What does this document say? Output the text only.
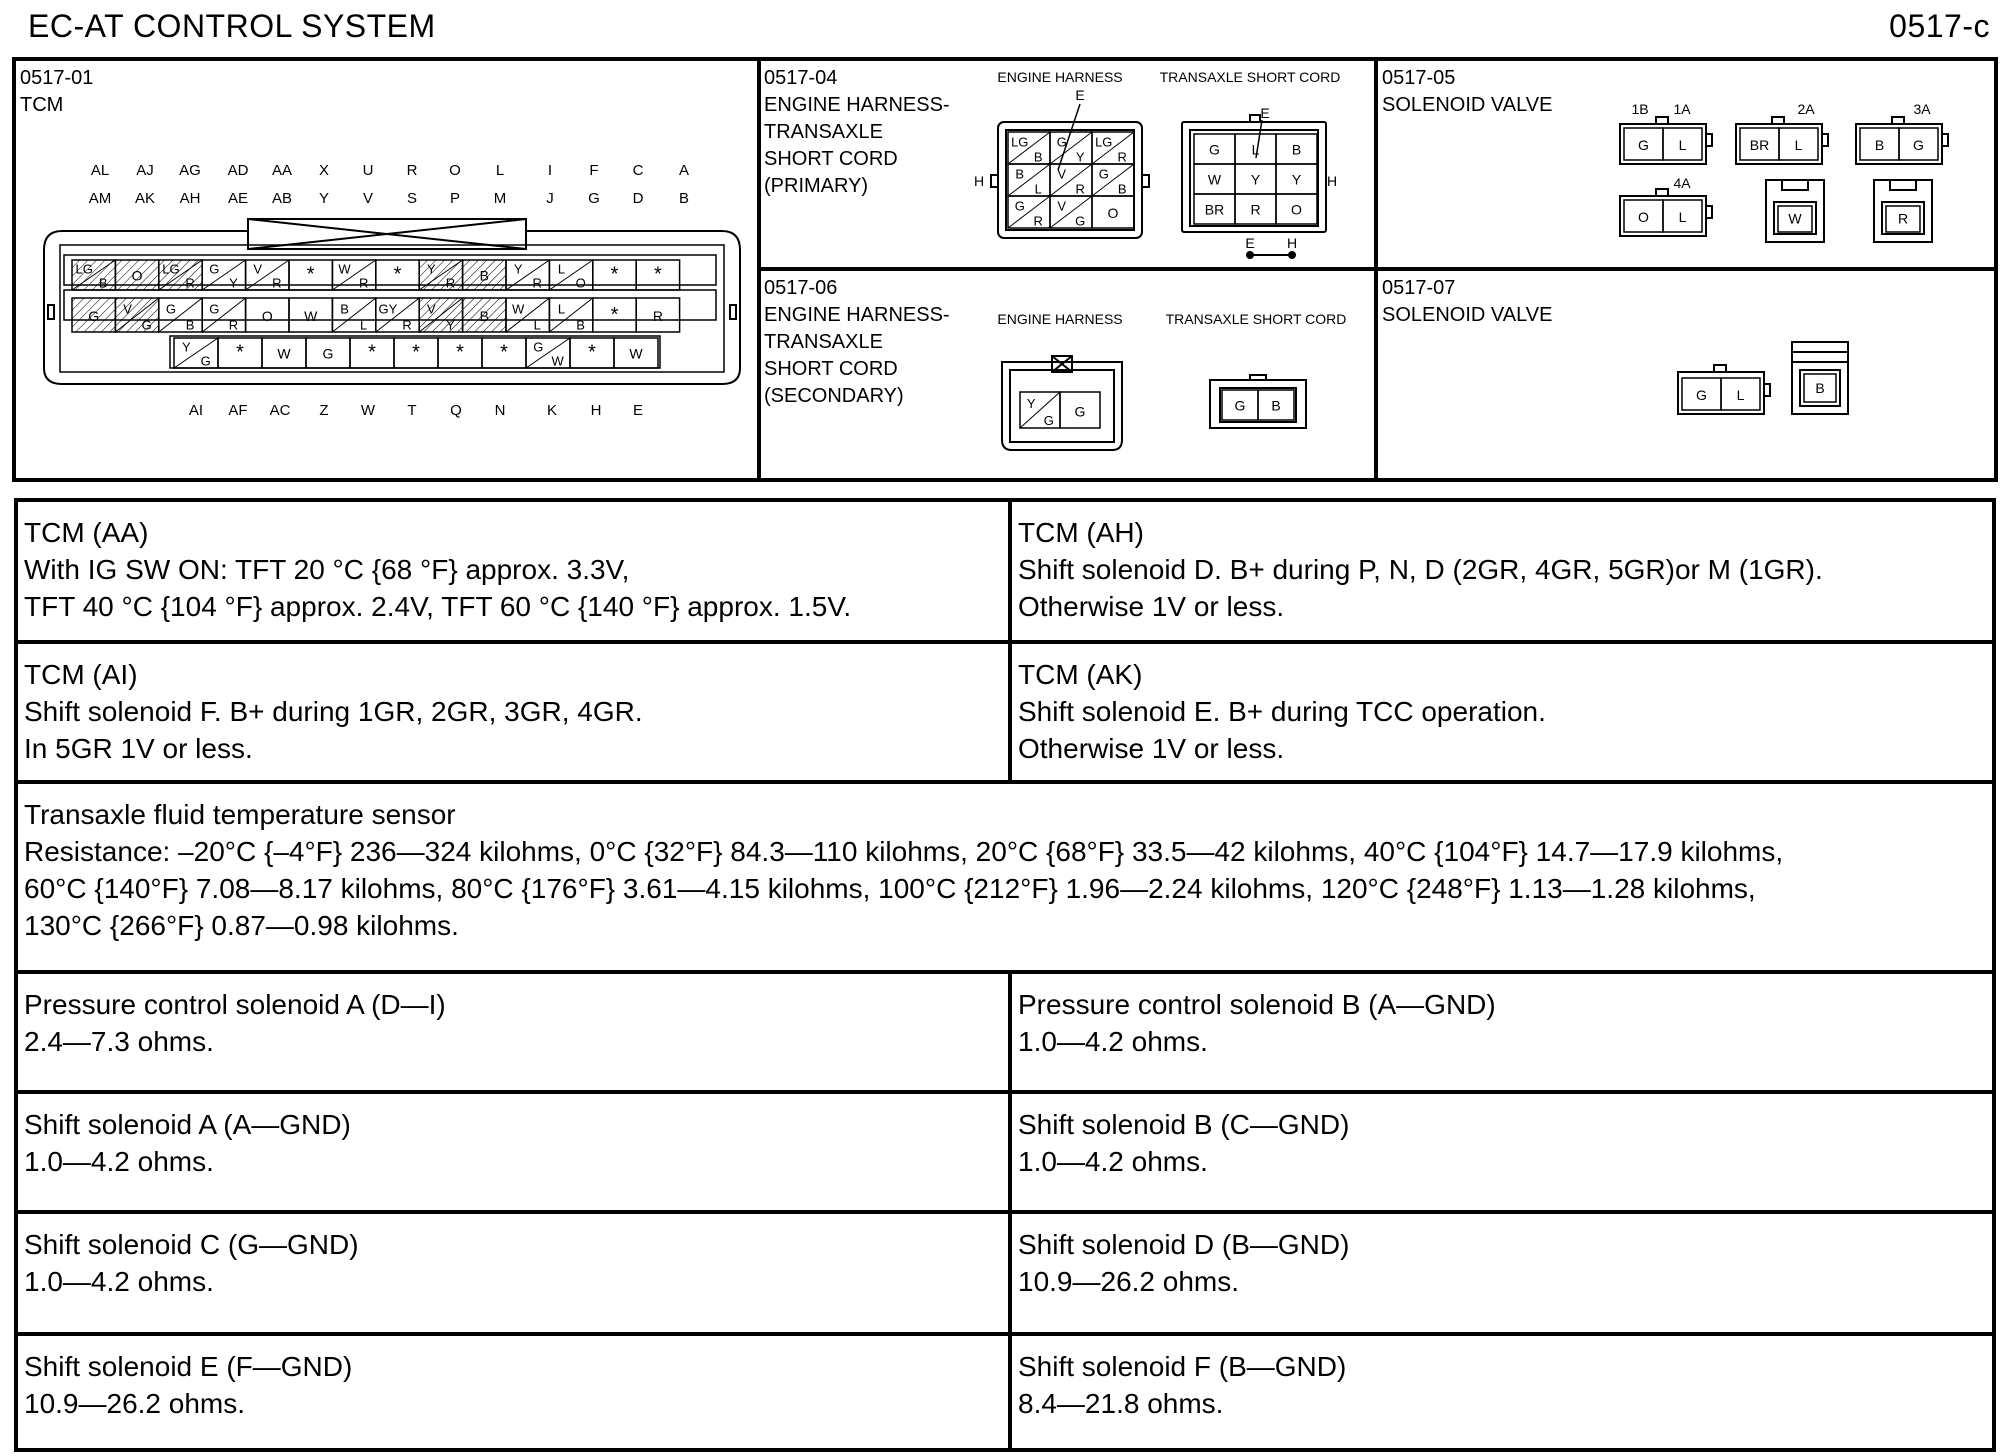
EC-AT CONTROL SYSTEM	0517-c
0517-01
TCM
0517-04
ENGINE HARNESS-
TRANSAXLE
SHORT CORD
(PRIMARY)
0517-05
SOLENOID VALVE
0517-06
ENGINE HARNESS-
TRANSAXLE
SHORT CORD
(SECONDARY)
0517-07
SOLENOID VALVE
AL AJ AG AD AA X U R O L	I F C A
AM AK AH AE AB Y V S P M	J G D B
AI AF AC Z W T Q N	K H E
LG
B O LG
R
G
Y
V
R * W
R * Y
R B Y
R
L
O * *
G V
G
G
B
G
R
O W B
L
GY
R
V
Y
B W
L
L
B * R
Y
G * W G * * * * G
W * W
ENGINE HARNESS	TRANSAXLE SHORT CORD
E
H
E
H
E H
LG
B
G
Y
LG
R
B
L
V
R
G
B
G
R
V
G
O
G L B
W Y Y
BR R O
1B 1A	2A	3A
4A
G L	BR L	B G
O L	W	R
G L	B
ENGINE HARNESS	TRANSAXLE SHORT CORD
Y
G
G	G B
TCM (AA)
With IG SW ON: TFT 20 °C {68 °F} approx. 3.3V,
TFT 40 °C {104 °F} approx. 2.4V, TFT 60 °C {140 °F} approx. 1.5V.
TCM (AH)
Shift solenoid D. B+ during P, N, D (2GR, 4GR, 5GR)or M (1GR).
Otherwise 1V or less.
TCM (AI)
Shift solenoid F. B+ during 1GR, 2GR, 3GR, 4GR.
In 5GR 1V or less.
TCM (AK)
Shift solenoid E. B+ during TCC operation.
Otherwise 1V or less.
Transaxle fluid temperature sensor
Resistance: –20°C {–4°F} 236—324 kilohms, 0°C {32°F} 84.3—110 kilohms, 20°C {68°F} 33.5—42 kilohms, 40°C {104°F} 14.7—17.9 kilohms,
60°C {140°F} 7.08—8.17 kilohms, 80°C {176°F} 3.61—4.15 kilohms, 100°C {212°F} 1.96—2.24 kilohms, 120°C {248°F} 1.13—1.28 kilohms,
130°C {266°F} 0.87—0.98 kilohms.
Pressure control solenoid A (D—I)
2.4—7.3 ohms.
Pressure control solenoid B (A—GND)
1.0—4.2 ohms.
Shift solenoid A (A—GND)
1.0—4.2 ohms.
Shift solenoid B (C—GND)
1.0—4.2 ohms.
Shift solenoid C (G—GND)
1.0—4.2 ohms.
Shift solenoid D (B—GND)
10.9—26.2 ohms.
Shift solenoid E (F—GND)
10.9—26.2 ohms.
Shift solenoid F (B—GND)
8.4—21.8 ohms.
